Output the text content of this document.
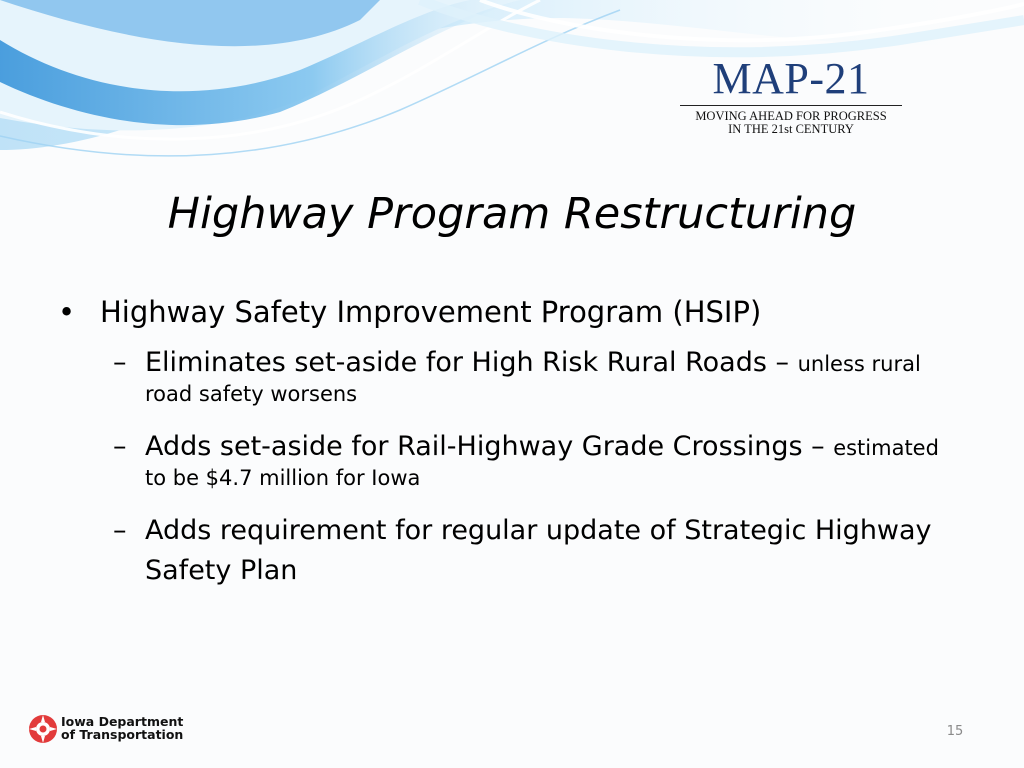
MAP-21
MOVING AHEAD FOR PROGRESS
IN THE 21st CENTURY
Highway Program Restructuring
• Highway Safety Improvement Program (HSIP)
– Eliminates set-aside for High Risk Rural Roads – unless rural
road safety worsens
– Adds set-aside for Rail-Highway Grade Crossings – estimated
to be $4.7 million for Iowa
– Adds requirement for regular update of Strategic Highway
Safety Plan
Iowa Department
of Transportation	15
